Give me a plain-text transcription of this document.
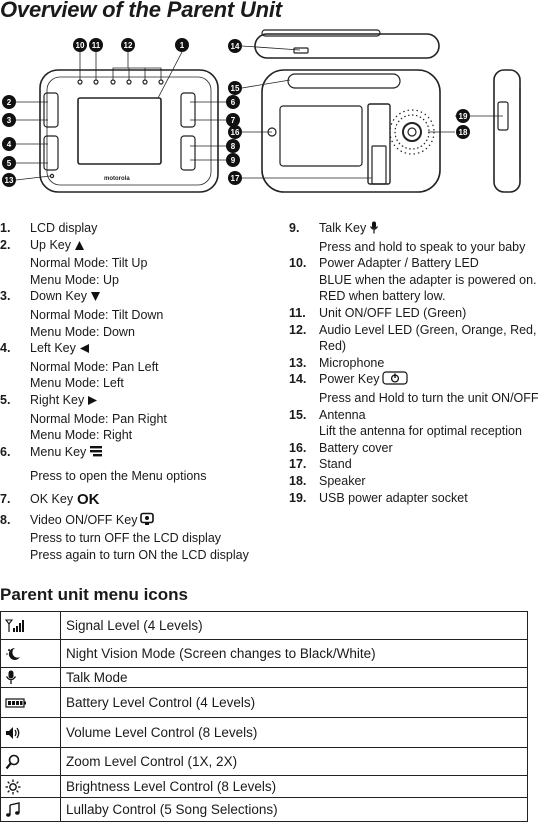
Overview of the Parent Unit
motorola
1
2
3
4
5
6
7
8
9
10 11	12
13
14
15
16
17
18
19
1.	LCD display
2.	Up Key
Normal Mode: Tilt Up
Menu Mode: Up
3.	Down Key
Normal Mode: Tilt Down
Menu Mode: Down
4.	Left Key
Normal Mode: Pan Left
Menu Mode: Left
5.	Right Key
Normal Mode: Pan Right
Menu Mode: Right
6.	Menu Key
Press to open the Menu options
7.	OK Key OK
8.	Video ON/OFF Key
Press to turn OFF the LCD display
Press again to turn ON the LCD display
9.	Talk Key
Press and hold to speak to your baby
10.	Power Adapter / Battery LED
BLUE when the adapter is powered on.
RED when battery low.
11.	Unit ON/OFF LED (Green)
12.	Audio Level LED (Green, Orange, Red, Red)
13.	Microphone
14.	Power Key
Press and Hold to turn the unit ON/OFF
15.	Antenna
Lift the antenna for optimal reception
16.	Battery cover
17.	Stand
18.	Speaker
19.	USB power adapter socket
Parent unit menu icons
	Signal Level (4 Levels)

	Night Vision Mode (Screen changes to Black/White)

	Talk Mode

	Battery Level Control (4 Levels)

	Volume Level Control (8 Levels)

	Zoom Level Control (1X, 2X)

	Brightness Level Control (8 Levels)

	Lullaby Control (5 Song Selections)
